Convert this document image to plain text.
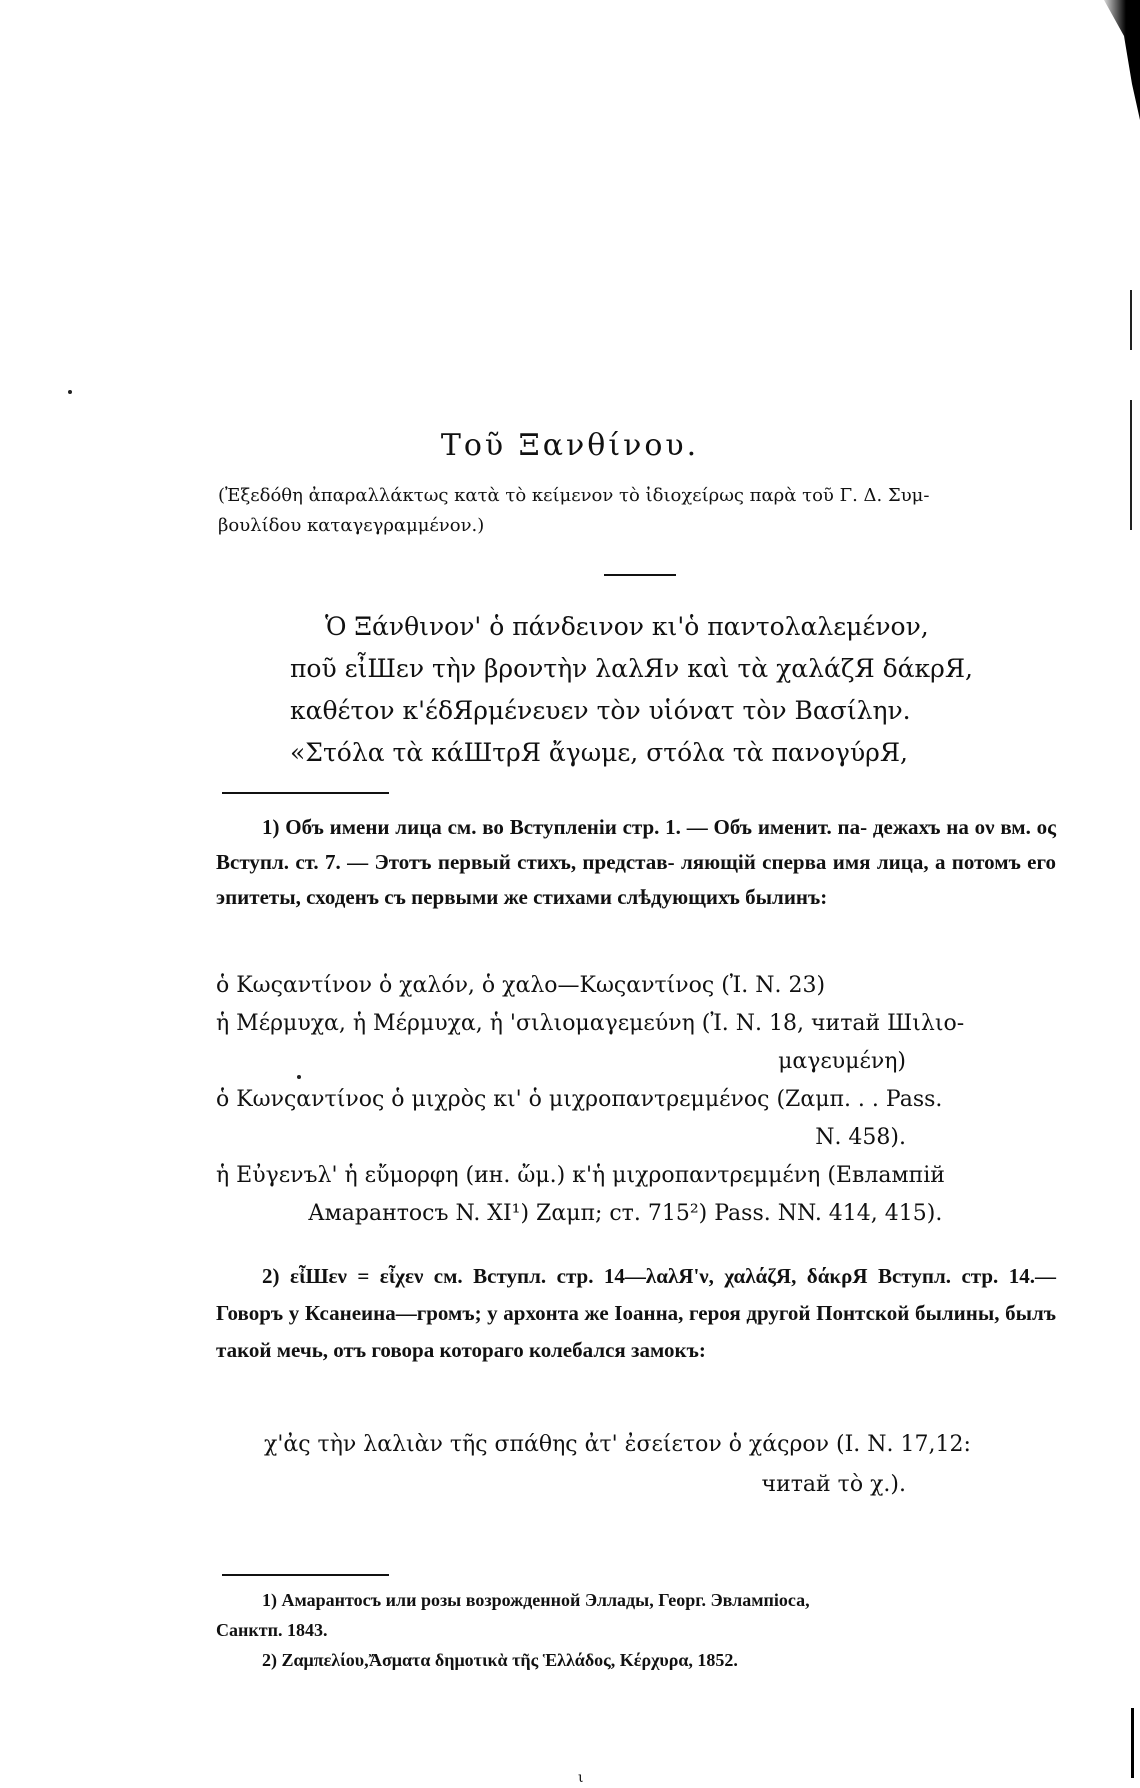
Τοῦ Ξανθίνου.
(Ἐξεδόθη ἀπαραλλάκτως κατὰ τὸ κείμενον τὸ ἰδιοχείρως παρὰ τοῦ Γ. Δ. Συμ-
βουλίδου καταγεγραμμένον.)
Ὁ Ξάνθινον' ὁ πάνδεινον κι'ὁ παντολαλεμένον,
ποῦ εἶШεν τὴν βροντὴν λαλЯν καὶ τὰ χαλάζЯ δάκρЯ,
καθέτον κ'έδЯρμένευεν τὸν υἱόνατ τὸν Βασίλην.
«Στόλα τὰ κάШτρЯ ἄγωμε, στόλα τὰ πανογύρЯ,
1) Объ имени лица см. во Вступленіи стр. 1. — Объ именит. па- дежахъ на ον вм. ος Вступл. ст. 7. — Этотъ первый стихъ, представ- ляющій сперва имя лица, а потомъ его эпитеты, сходенъ съ первыми же стихами слѣдующихъ былинъ:
ὁ Κωςαντίνον ὁ χαλόν, ὁ χαλο—Κωςαντίνος (Ἰ. Ν. 23)
ἡ Μέρμυχα, ἡ Μέρμυχα, ἡ 'σιλιομαγεμεύνη (Ἰ. Ν. 18, читай Шιλιο-
μαγευμένη)
ὁ Κωνςαντίνος ὁ μιχρὸς κι' ὁ μιχροπαντρεμμένος (Ζαμπ. . . Pass.
Ν. 458).
ἡ Εὐγενъλ' ἡ εὔμορφη (ин. ὤμ.) κ'ἡ μιχροπαντρεμμένη (Евлампій
Амарантосъ N. XI¹) Ζαμπ; ст. 715²) Pass. NN. 414, 415).
2) εἶШεν = εἶχεν см. Вступл. стр. 14—λαλЯ'ν, χαλάζЯ, δάκρЯ Вступл. стр. 14.— Говоръ у Ксанеина—громъ; у архонта же Іоанна, героя другой Понтской былины, былъ такой мечь, отъ говора котораго колебался замокъ:
χ'ἀς τὴν λαλιὰν τῆς σπάθης ἀτ' ἐσείετον ὁ χάςρον (Ι. Ν. 17,12:
читай τὸ χ.).
1) Амарантосъ или розы возрожденной Эллады, Георг. Эвлампіоса,
Санктп. 1843.
2) Ζαμπελίου,Ἄσματα δημοτικὰ τῆς Ἑλλάδος, Κέρχυρα, 1852.
ι
